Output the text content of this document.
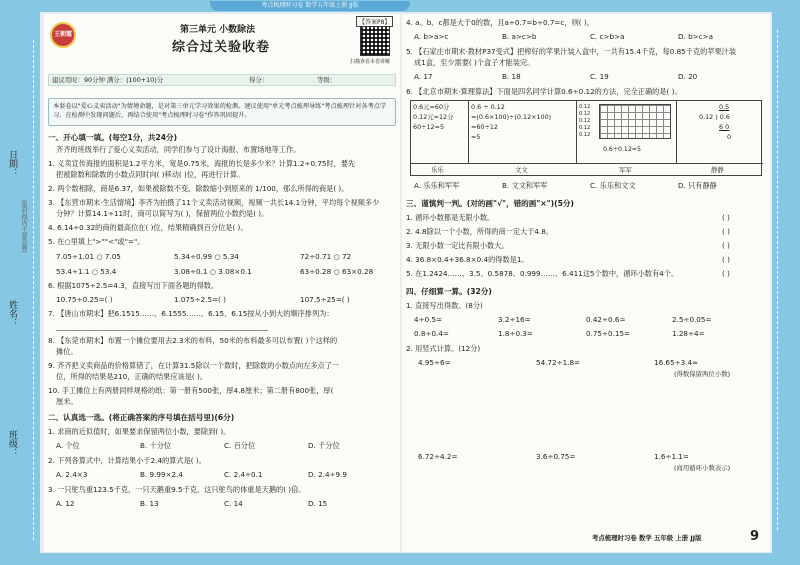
考点梳理时习卷 数学五年级上册 JJ版
日期：
姓名：
班级：
(密封线内不要答题)
王朝霞
【答案P8】
第三单元 小数除法
综合过关验收卷
扫描查看本卷讲解
建议用时：90分钟 满分：(100+10)分	得分：	等级：
本套卷以"爱心义卖活动"为情境命题，是对第三单元学习效果的检测。建议使用"单元考点梳理导练"考点梳理针对各考点学习，在检测中发现问题后，再结合使用"考点梳理时习卷"作答巩固提升。
一、开心填一填。(每空1分，共24分)
齐齐的班级举行了爱心义卖活动，同学们参与了设计海报、布置场地等工作。
1. 义卖宣传海报的面积是1.2平方米，宽是0.75米，海报的长是多少米？计算1.2÷0.75时，要先
把被除数和除数的小数点同时向( )移动( )位，再进行计算。
2. 两个数相除，商是6.37，如果被除数不变，除数缩小到原来的 1/100，那么所得的商是( )。
3. 【东营市期末·生活情境】李齐为拍摄了11个义卖活动视频，视频一共长14.1分钟，平均每个视频多少
分钟？计算14.1÷11时，商可以简写为( )，保留两位小数约是( )。
4. 6.14÷0.32的商的最高位在( )位，结果精确到百分位是( )。
5. 在○里填上">""<"或"="。
7.05÷1.01 ○ 7.05	5.34÷0.99 ○ 5.34	72÷0.71 ○ 72
53.4÷1.1 ○ 53.4	3.08÷0.1 ○ 3.08×0.1	63÷0.28 ○ 63×0.28
6. 根据1075÷2.5=4.3，直接写出下面各题的得数。
10.75÷0.25=( )	1.075÷2.5=( )	107.5÷25=( )
7. 【唐山市期末】把6.1515……、6.1555……、6.15、6.15按从小到大的顺序排列为：
___________________________________________________________
8. 【东莞市期末】布置一个摊位要用去2.3米的布料，50米的布料最多可以布置( )个这样的
摊位。
9. 齐齐把义卖商品的价格算错了，在计算31.5除以一个数时，把除数的小数点向左多点了一
位，所得的结果是210，正确的结果应该是( )。
10. 手工摊位上有两册同样规格的纸：第一册有500张，厚4.8厘米；第二册有800张，厚(
厘米。
二、认真选一选。(将正确答案的序号填在括号里)(6分)
1. 求商的近似值时，如果要求保留两位小数，要除到( )。
A. 个位	B. 十分位	C. 百分位	D. 千分位
2. 下列各算式中，计算结果小于2.4的算式是( )。
A. 2.4×3	B. 9.99×2.4	C. 2.4÷0.1	D. 2.4÷9.9
3. 一只鸵鸟重123.5千克，一只天鹅重9.5千克，这只鸵鸟的体重是天鹅的( )倍。
A. 12	B. 13	C. 14	D. 15
4. a、b、c都是大于0的数，且a÷0.7=b÷0.7=c，则( )。
A. b>a>c	B. a>c>b	C. c>b>a	D. b>c>a
5. 【石家庄市期末·教材P37变式】把榨好的苹果汁装入盒中，一共有15.4千克，每0.85千克的苹果汁装
成1盒，至少需要( )个盒子才能装完。
A. 17	B. 18	C. 19	D. 20
6. 【北京市期末·算理算法】下面是四名同学计算0.6÷0.12的方法，完全正确的是( )。
0.6元=60分
0.12元=12分
60÷12=5
0.6 ÷ 0.12
=(0.6×100)÷(0.12×100)
=60÷12
=5
0.12
0.12
0.12
0.12
0.12
0.6÷0.12=5
0.5
0.12 ) 0.6
6 0
0
乐乐	文文	军军	静静
A. 乐乐和军军	B. 文文和军军	C. 乐乐和文文	D. 只有静静
三、谨慎判一判。(对的画"√"，错的画"×")(5分)
1. 循环小数都是无限小数。	( )
2. 4.8除以一个小数，所得的商一定大于4.8。	( )
3. 无限小数一定比有限小数大。	( )
4. 36.8×0.4+36.8×0.4的得数是1。	( )
5. 在1.2424……、3.5、0.5878、0.999……、6.411这5个数中，循环小数有4个。	( )
四、仔细算一算。(32分)
1. 直接写出得数。(8分)
4÷0.5=	3.2÷16=	0.42÷0.6=	2.5÷0.05=
0.8÷0.4=	1.8÷0.3=	0.75÷0.15=	1.28÷4=
2. 用竖式计算。(12分)
4.95÷6=	54.72÷1.8=	16.65÷3.4≈
(得数保留两位小数)
6.72÷4.2=	3.6÷0.75=	1.6÷1.1=
(商用循环小数表示)
考点梳理时习卷 数学 五年级 上册 JJ版	9
